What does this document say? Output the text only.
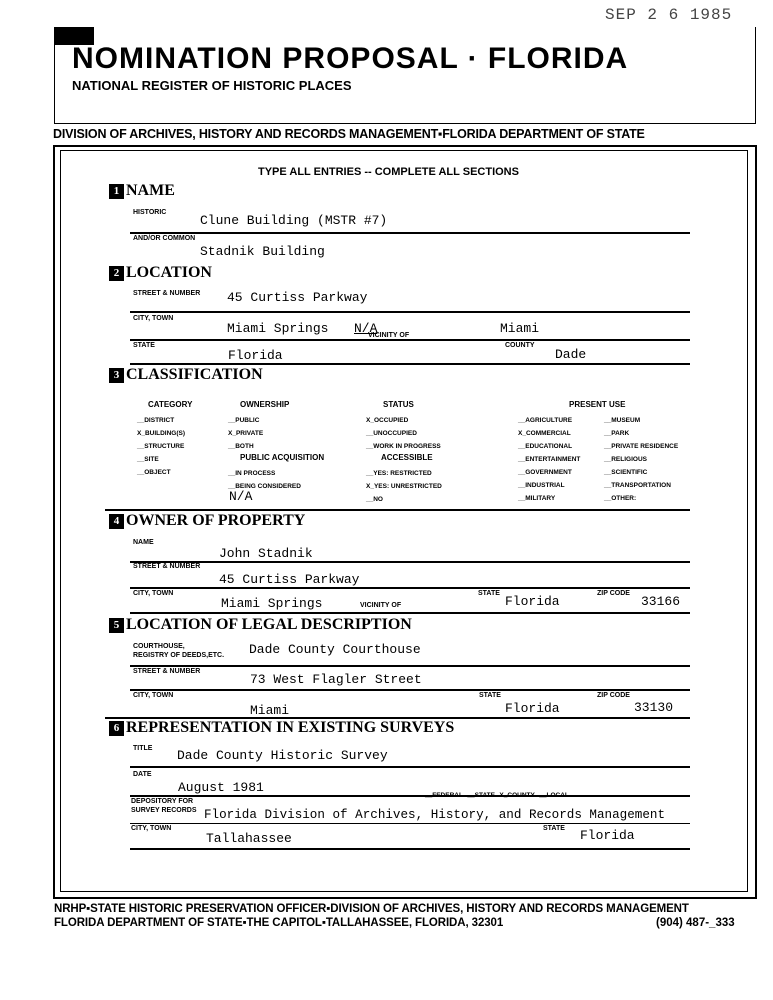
SEP 2 6 1985
NOMINATION PROPOSAL · FLORIDA
NATIONAL REGISTER OF HISTORIC PLACES
DIVISION OF ARCHIVES, HISTORY AND RECORDS MANAGEMENT▪FLORIDA DEPARTMENT OF STATE
TYPE ALL ENTRIES -- COMPLETE ALL SECTIONS
1 NAME
HISTORIC
Clune Building (MSTR #7)
AND/OR COMMON
Stadnik Building
2 LOCATION
STREET & NUMBER 45 Curtiss Parkway
CITY, TOWN
Miami Springs N/A
VICINITY OF	Miami
STATE
Florida
COUNTY
Dade
3 CLASSIFICATION
CATEGORY
__DISTRICT
X_BUILDING(S)
__STRUCTURE
__SITE
__OBJECT
OWNERSHIP
__PUBLIC
X_PRIVATE
__BOTH
PUBLIC ACQUISITION
__IN PROCESS
__BEING CONSIDERED
N/A
STATUS
X_OCCUPIED
__UNOCCUPIED
__WORK IN PROGRESS
ACCESSIBLE
__YES: RESTRICTED
X_YES: UNRESTRICTED
__NO
PRESENT USE
__AGRICULTURE
X_COMMERCIAL
__EDUCATIONAL
__ENTERTAINMENT
__GOVERNMENT
__INDUSTRIAL
__MILITARY
__MUSEUM
__PARK
__PRIVATE RESIDENCE
__RELIGIOUS
__SCIENTIFIC
__TRANSPORTATION
__OTHER:
4 OWNER OF PROPERTY
NAME
John Stadnik
STREET & NUMBER
45 Curtiss Parkway
CITY, TOWN
Miami Springs	VICINITY OF
STATE
Florida
ZIP CODE
33166
5 LOCATION OF LEGAL DESCRIPTION
COURTHOUSE,
REGISTRY OF DEEDS,ETC. Dade County Courthouse
STREET & NUMBER
73 West Flagler Street
CITY, TOWN
Miami
STATE
Florida
ZIP CODE
33130
6 REPRESENTATION IN EXISTING SURVEYS
TITLE Dade County Historic Survey
DATE
August 1981
__FEDERAL __STATE X_COUNTY __LOCAL
DEPOSITORY FOR
SURVEY RECORDS Florida Division of Archives, History, and Records Management
CITY, TOWN
Tallahassee
STATE Florida
NRHP▪STATE HISTORIC PRESERVATION OFFICER▪DIVISION OF ARCHIVES, HISTORY AND RECORDS MANAGEMENT
FLORIDA DEPARTMENT OF STATE▪THE CAPITOL▪TALLAHASSEE, FLORIDA, 32301	(904) 487-_333
